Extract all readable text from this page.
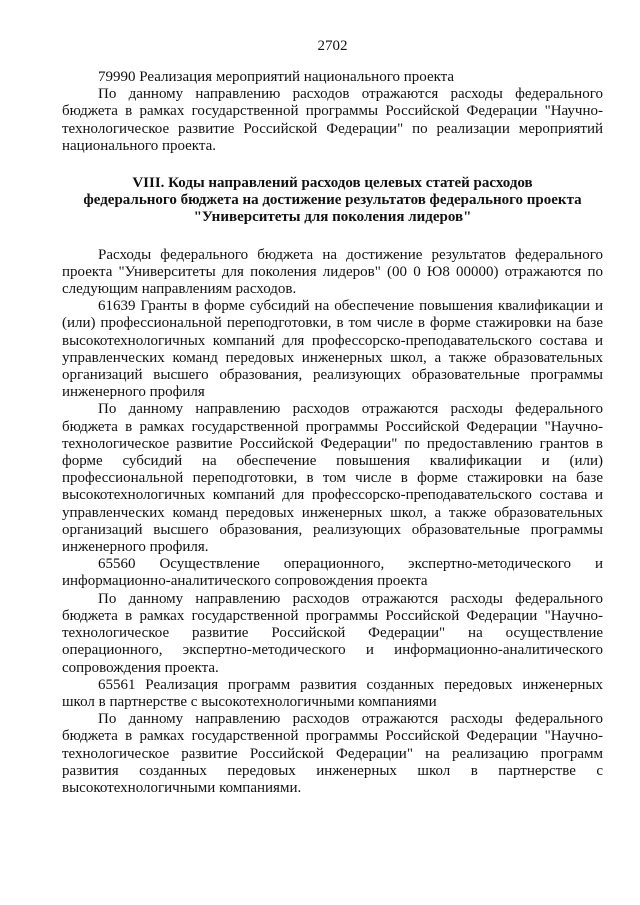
2702

79990 Реализация мероприятий национального проекта

По данному направлению расходов отражаются расходы федерального бюджета в рамках государственной программы Российской Федерации "Научно-технологическое развитие Российской Федерации" по реализации мероприятий национального проекта.

VIII. Коды направлений расходов целевых статей расходов
федерального бюджета на достижение результатов федерального проекта
"Университеты для поколения лидеров"

Расходы федерального бюджета на достижение результатов федерального проекта "Университеты для поколения лидеров" (00 0 Ю8 00000) отражаются по следующим направлениям расходов.

61639 Гранты в форме субсидий на обеспечение повышения квалификации и (или) профессиональной переподготовки, в том числе в форме стажировки на базе высокотехнологичных компаний для профессорско-преподавательского состава и управленческих команд передовых инженерных школ, а также образовательных организаций высшего образования, реализующих образовательные программы инженерного профиля

По данному направлению расходов отражаются расходы федерального бюджета в рамках государственной программы Российской Федерации "Научно-технологическое развитие Российской Федерации" по предоставлению грантов в форме субсидий на обеспечение повышения квалификации и (или) профессиональной переподготовки, в том числе в форме стажировки на базе высокотехнологичных компаний для профессорско-преподавательского состава и управленческих команд передовых инженерных школ, а также образовательных организаций высшего образования, реализующих образовательные программы инженерного профиля.

65560 Осуществление операционного, экспертно-методического и информационно-аналитического сопровождения проекта

По данному направлению расходов отражаются расходы федерального бюджета в рамках государственной программы Российской Федерации "Научно-технологическое развитие Российской Федерации" на осуществление операционного, экспертно-методического и информационно-аналитического сопровождения проекта.

65561 Реализация программ развития созданных передовых инженерных школ в партнерстве с высокотехнологичными компаниями

По данному направлению расходов отражаются расходы федерального бюджета в рамках государственной программы Российской Федерации "Научно-технологическое развитие Российской Федерации" на реализацию программ развития созданных передовых инженерных школ в партнерстве с высокотехнологичными компаниями.
